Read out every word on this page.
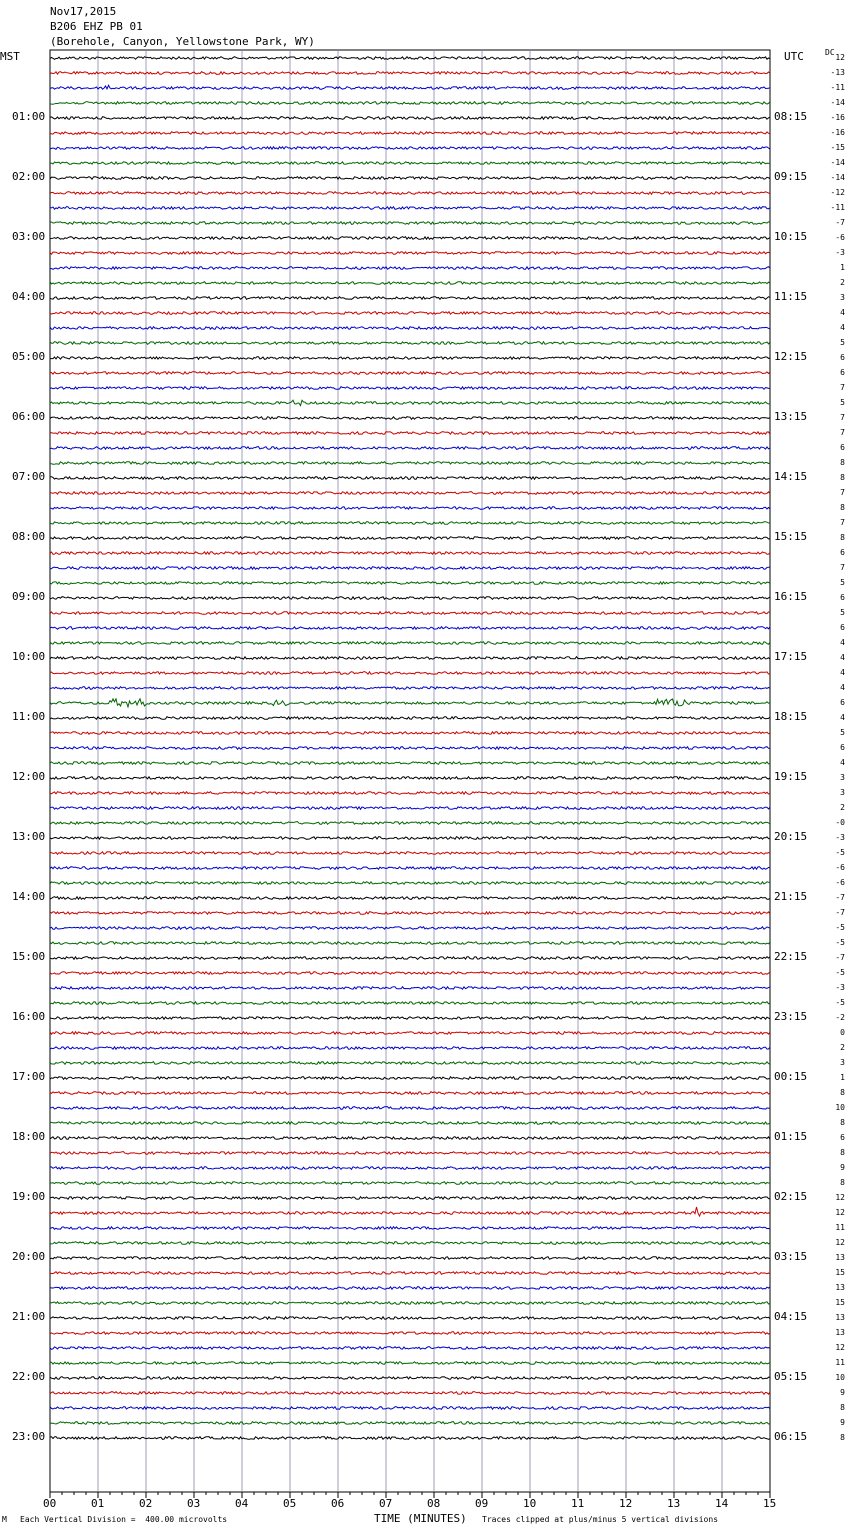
Nov17,2015
B206 EHZ PB 01
(Borehole, Canyon, Yellowstone Park, WY)
MST	UTC	DC
00	01	02	03	04	05	06	07	08	09	10	11	12	13	14	15
01:00
02:00
03:00
04:00
05:00
06:00
07:00
08:00
09:00
10:00
11:00
12:00
13:00
14:00
15:00
16:00
17:00
18:00
19:00
20:00
21:00
22:00
23:00
08:15
09:15
10:15
11:15
12:15
13:15
14:15
15:15
16:15
17:15
18:15
19:15
20:15
21:15
22:15
23:15
00:15
01:15
02:15
03:15
04:15
05:15
06:15
12
-13
-11
-14
-16
-16
-15
-14
-14
-12
-11
-7
-6
-3
1
2
3
4
4
5
6
6
7
5
7
7
6
8
8
7
8
7
8
6
7
5
6
5
6
4
4
4
4
6
4
5
6
4
3
3
2
-0
-3
-5
-6
-6
-7
-7
-5
-5
-7
-5
-3
-5
-2
0
2
3
1
8
10
8
6
8
9
8
12
12
11
12
13
15
13
15
13
13
12
11
10
9
8
9
8
M Each Vertical Division =  400.00 microvolts	TIME (MINUTES) Traces clipped at plus/minus 5 vertical divisions
